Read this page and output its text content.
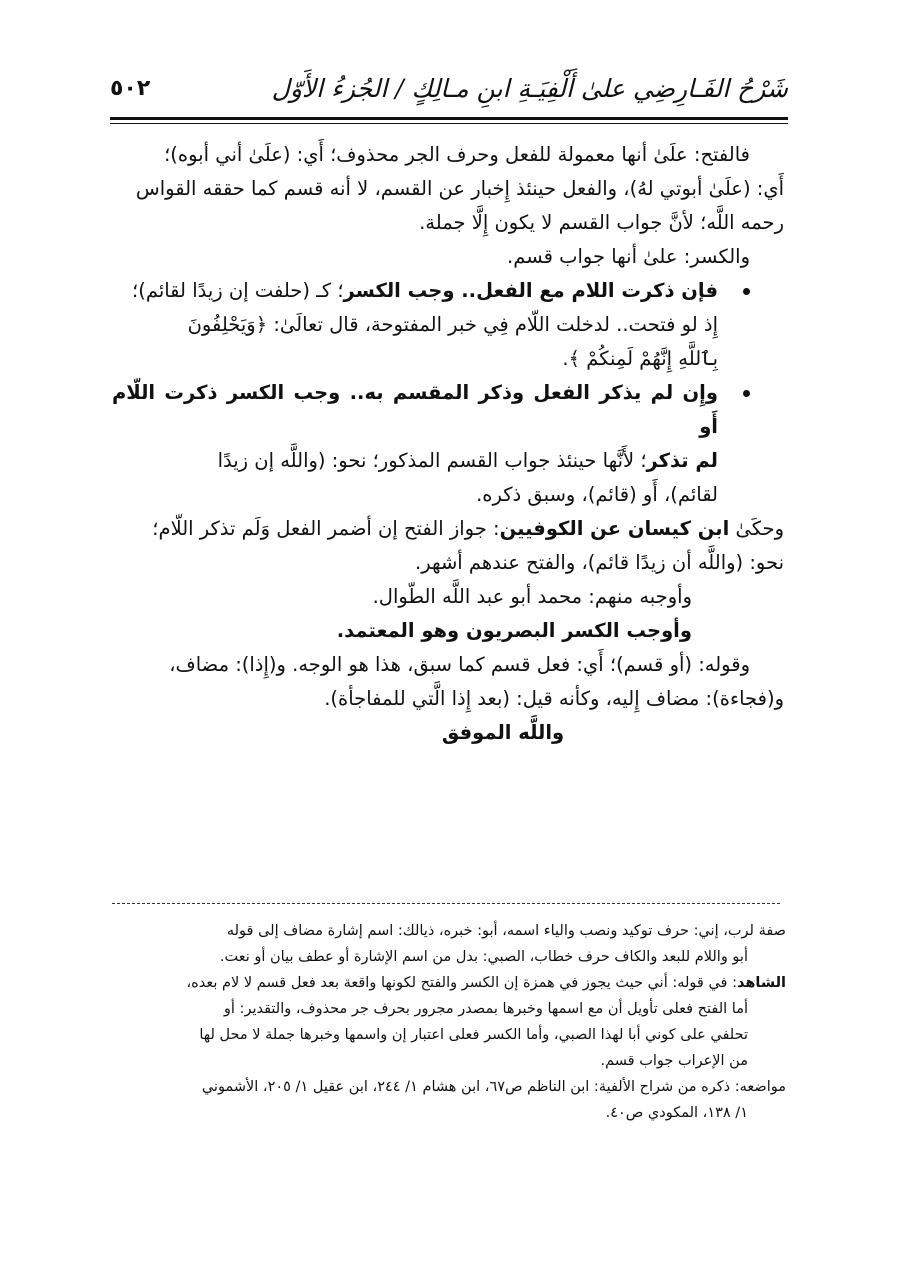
شَرْحُ الفَـارِضِي علىٰ أَلْفِيَـةِ ابنِ مـالِكٍ / الجُزءُ الأَوّل
٥٠٢

فالفتح: علَىٰ أنها معمولة للفعل وحرف الجر محذوف؛ أَي: (علَىٰ أني أبوه)؛

أَي: (علَىٰ أبوتي لهُ)، والفعل حينئذ إِخبار عن القسم، لا أنه قسم كما حققه القواس

رحمه اللَّه؛ لأنَّ جواب القسم لا يكون إِلَّا جملة.

والكسر: علىٰ أنها جواب قسم.

فإن ذكرت اللام مع الفعل.. وجب الكسر؛ كـ (حلفت إن زيدًا لقائم)؛

إِذ لو فتحت.. لدخلت اللّام فِي خبر المفتوحة، قال تعالَىٰ: ﴿وَيَحْلِفُونَ

بِٱللَّهِ إِنَّهُمْ لَمِنكُمْ ﴾.

وإِن لم يذكر الفعل وذكر المقسم به.. وجب الكسر ذكرت اللّام أَو

لم تذكر؛ لأَنَّها حينئذ جواب القسم المذكور؛ نحو: (واللَّه إن زيدًا

لقائم)، أَو (قائم)، وسبق ذكره.

وحكَىٰ ابن كيسان عن الكوفيين: جواز الفتح إن أضمر الفعل وَلَم تذكر اللّام؛

نحو: (واللَّه أن زيدًا قائم)، والفتح عندهم أشهر.

وأوجبه منهم: محمد أبو عبد اللَّه الطّوال.

وأوجب الكسر البصريون وهو المعتمد.

وقوله: (أو قسم)؛ أَي: فعل قسم كما سبق، هذا هو الوجه. و(إِذا): مضاف،

و(فجاءة): مضاف إِليه، وكأنه قيل: (بعد إِذا الَّتي للمفاجأة).

واللَّه الموفق

صفة لرب، إني: حرف توكيد ونصب والياء اسمه، أبو: خبره، ذيالك: اسم إشارة مضاف إلى قوله
أبو واللام للبعد والكاف حرف خطاب، الصبي: بدل من اسم الإشارة أو عطف بيان أو نعت.

الشاهد: في قوله: أني حيث يجوز في همزة إن الكسر والفتح لكونها واقعة بعد فعل قسم لا لام بعده،
أما الفتح فعلى تأويل أن مع اسمها وخبرها بمصدر مجرور بحرف جر محذوف، والتقدير: أو
تحلفي على كوني أبا لهذا الصبي، وأما الكسر فعلى اعتبار إن واسمها وخبرها جملة لا محل لها
من الإعراب جواب قسم.

مواضعه: ذكره من شراح الألفية: ابن الناظم ص٦٧، ابن هشام ١/ ٢٤٤، ابن عقيل ١/ ٢٠٥، الأشموني
١/ ١٣٨، المكودي ص٤٠.
